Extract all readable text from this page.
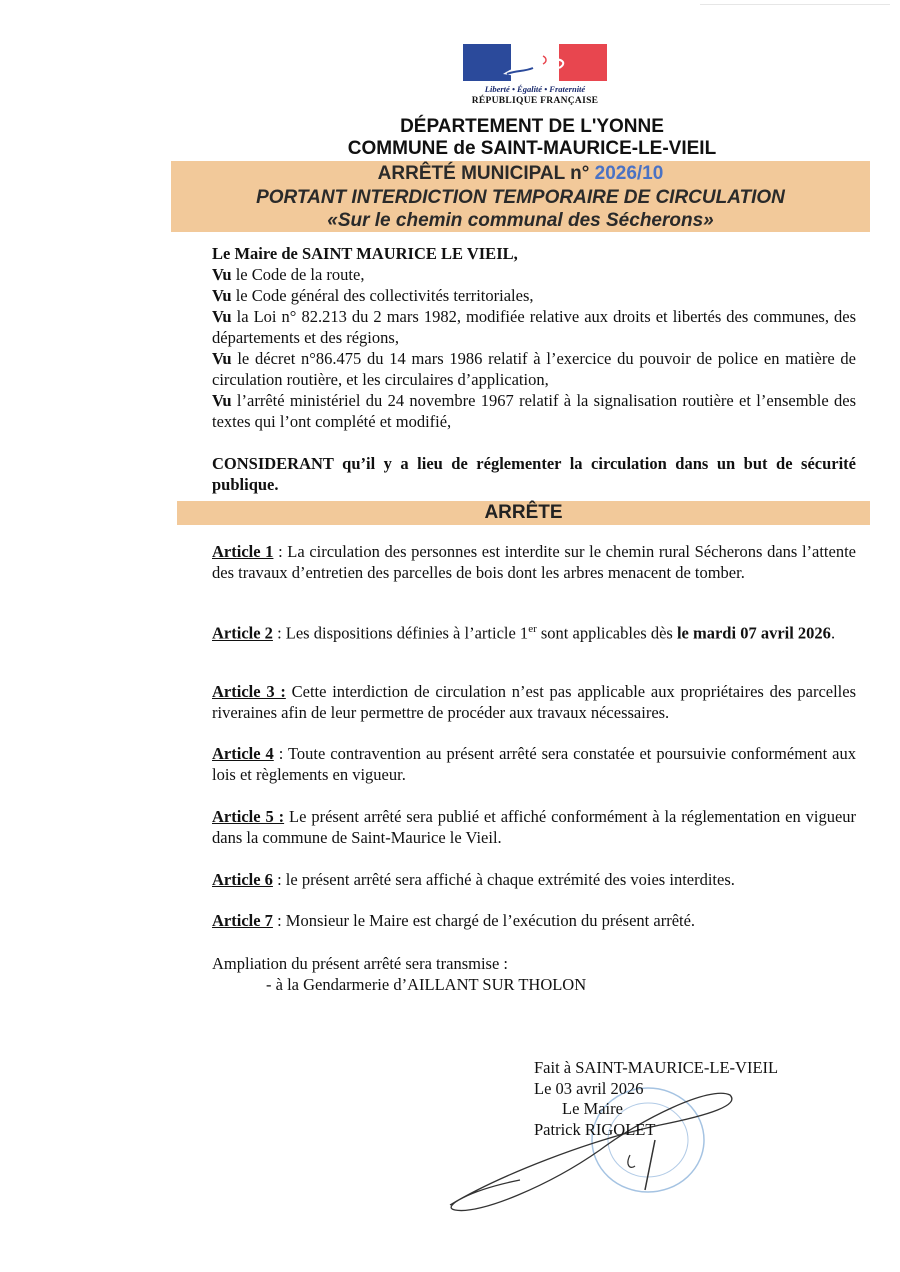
Liberté • Égalité • Fraternité
RÉPUBLIQUE FRANÇAISE
DÉPARTEMENT DE L'YONNE
COMMUNE de SAINT-MAURICE-LE-VIEIL
ARRÊTÉ MUNICIPAL n° 2026/10
PORTANT INTERDICTION TEMPORAIRE DE CIRCULATION
«Sur le chemin communal des Sécherons»

Le Maire de SAINT MAURICE LE VIEIL,

Vu le Code de la route,

Vu le Code général des collectivités territoriales,

Vu la Loi n° 82.213 du 2 mars 1982, modifiée relative aux droits et libertés des communes, des départements et des régions,

Vu le décret n°86.475 du 14 mars 1986 relatif à l’exercice du pouvoir de police en matière de circulation routière, et les circulaires d’application,

Vu l’arrêté ministériel du 24 novembre 1967 relatif à la signalisation routière et l’ensemble des textes qui l’ont complété et modifié,

CONSIDERANT qu’il y a lieu de réglementer la circulation dans un but de sécurité publique.

ARRÊTE

Article 1 : La circulation des personnes est interdite sur le chemin rural Sécherons dans l’attente des travaux d’entretien des parcelles de bois dont les arbres menacent de tomber.

Article 2 : Les dispositions définies à l’article 1er sont applicables dès le mardi 07 avril 2026.

Article 3 : Cette interdiction de circulation n’est pas applicable aux propriétaires des parcelles riveraines afin de leur permettre de procéder aux travaux nécessaires.

Article 4 : Toute contravention au présent arrêté sera constatée et poursuivie conformément aux lois et règlements en vigueur.

Article 5 : Le présent arrêté sera publié et affiché conformément à la réglementation en vigueur dans la commune de Saint-Maurice le Vieil.

Article 6 : le présent arrêté sera affiché à chaque extrémité des voies interdites.

Article 7 : Monsieur le Maire est chargé de l’exécution du présent arrêté.

Ampliation du présent arrêté sera transmise :

- à la Gendarmerie d’AILLANT SUR THOLON

Fait à SAINT-MAURICE-LE-VIEIL
Le 03 avril 2026
Le Maire
Patrick RIGOLET
